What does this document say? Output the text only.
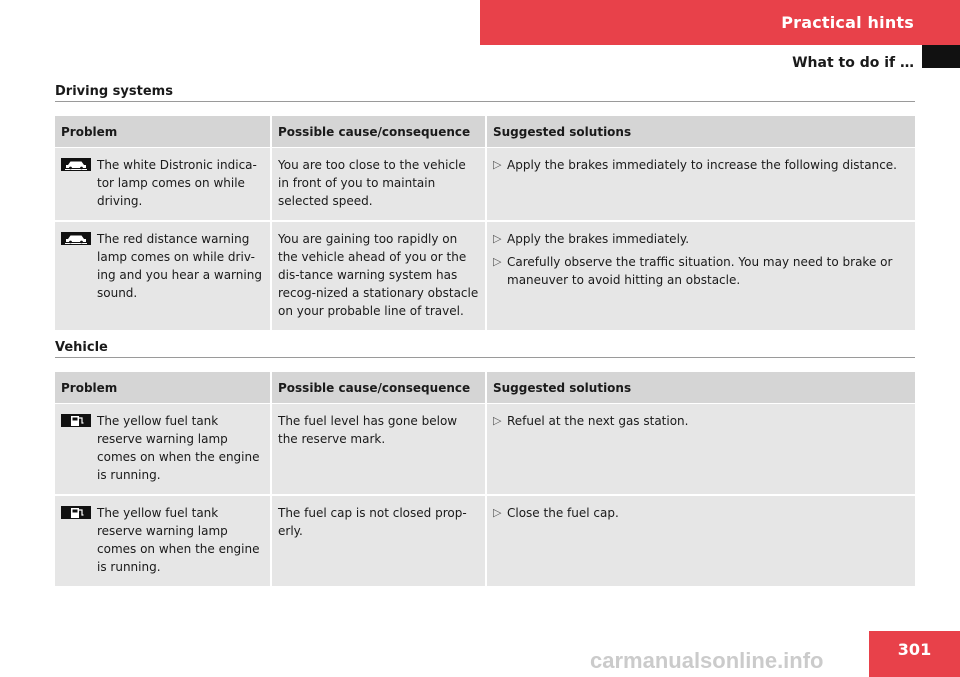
Practical hints
What to do if …
Driving systems
Problem	Possible cause/consequence	Suggested solutions

The white Distronic indica-tor lamp comes on while driving.	You are too close to the vehicle in front of you to maintain selected speed.	▷ Apply the brakes immediately to increase the following distance.

The red distance warning lamp comes on while driv-ing and you hear a warning sound.	You are gaining too rapidly on the vehicle ahead of you or the dis-tance warning system has recog-nized a stationary obstacle on your probable line of travel.	▷ Apply the brakes immediately.
▷ Carefully observe the traffic situation. You may need to brake or maneuver to avoid hitting an obstacle.
Vehicle
Problem	Possible cause/consequence	Suggested solutions

The yellow fuel tank reserve warning lamp comes on when the engine is running.	The fuel level has gone below the reserve mark.	▷ Refuel at the next gas station.

The yellow fuel tank reserve warning lamp comes on when the engine is running.	The fuel cap is not closed prop-erly.	▷ Close the fuel cap.
301
carmanualsonline.info
